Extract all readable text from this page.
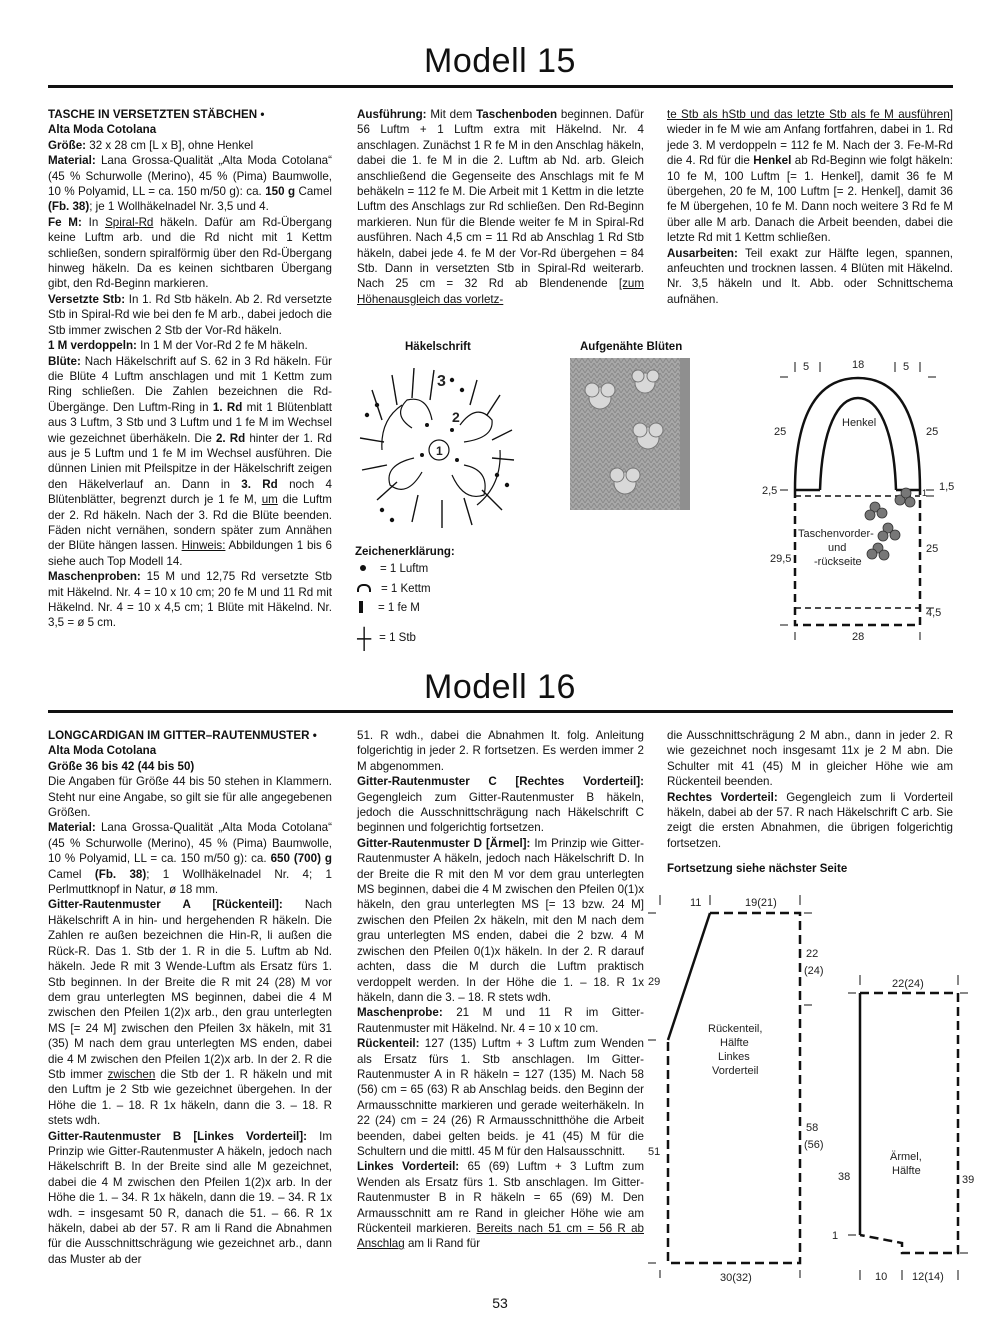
Modell 15

TASCHE IN VERSETZTEN STÄBCHEN •

Alta Moda Cotolana

Größe: 32 x 28 cm [L x B], ohne Henkel

Material: Lana Grossa-Qualität „Alta Moda Cotolana“ (45 % Schurwolle (Merino), 45 % (Pima) Baumwolle, 10 % Polyamid, LL = ca. 150 m/50 g): ca. 150 g Camel (Fb. 38); je 1 Wollhäkelnadel Nr. 3,5 und 4.

Fe M: In Spiral-Rd häkeln. Dafür am Rd-Übergang keine Luftm arb. und die Rd nicht mit 1 Kettm schließen, sondern spiralförmig über den Rd-Übergang hinweg häkeln. Da es keinen sichtbaren Übergang gibt, den Rd-Beginn markieren.

Versetzte Stb: In 1. Rd Stb häkeln. Ab 2. Rd versetzte Stb in Spiral-Rd wie bei den fe M arb., dabei jedoch die Stb immer zwischen 2 Stb der Vor-Rd häkeln.

1 M verdoppeln: In 1 M der Vor-Rd 2 fe M häkeln.

Blüte: Nach Häkelschrift auf S. 62 in 3 Rd häkeln. Für die Blüte 4 Luftm anschlagen und mit 1 Kettm zum Ring schließen. Die Zahlen bezeichnen die Rd-Übergänge. Den Luftm-Ring in 1. Rd mit 1 Blütenblatt aus 3 Luftm, 3 Stb und 3 Luftm und 1 fe M im Wechsel wie gezeichnet überhäkeln. Die 2. Rd hinter der 1. Rd aus je 5 Luftm und 1 fe M im Wechsel ausführen. Die dünnen Linien mit Pfeilspitze in der Häkelschrift zeigen den Häkelverlauf an. Dann in 3. Rd noch 4 Blütenblätter, begrenzt durch je 1 fe M, um die Luftm der 2. Rd häkeln. Nach der 3. Rd die Blüte beenden. Fäden nicht vernähen, sondern später zum Annähen der Blüte hängen lassen. Hinweis: Abbildungen 1 bis 6 siehe auch Top Modell 14.

Maschenproben: 15 M und 12,75 Rd versetzte Stb mit Häkelnd. Nr. 4 = 10 x 10 cm; 20 fe M und 11 Rd mit Häkelnd. Nr. 4 = 10 x 4,5 cm; 1 Blüte mit Häkelnd. Nr. 3,5 = ø 5 cm.

Ausführung: Mit dem Taschenboden beginnen. Dafür 56 Luftm + 1 Luftm extra mit Häkelnd. Nr. 4 anschlagen. Zunächst 1 R fe M in den Anschlag häkeln, dabei die 1. fe M in die 2. Luftm ab Nd. arb. Gleich anschließend die Gegenseite des Anschlags mit fe M behäkeln = 112 fe M. Die Arbeit mit 1 Kettm in die letzte Luftm des Anschlags zur Rd schließen. Den Rd-Beginn markieren. Nun für die Blende weiter fe M in Spiral-Rd ausführen. Nach 4,5 cm = 11 Rd ab Anschlag 1 Rd Stb häkeln, dabei jede 4. fe M der Vor-Rd übergehen = 84 Stb. Dann in versetzten Stb in Spiral-Rd weiterarb. Nach 25 cm = 32 Rd ab Blendenende [zum Höhenausgleich das vorletz-

te Stb als hStb und das letzte Stb als fe M ausführen] wieder in fe M wie am Anfang fortfahren, dabei in 1. Rd jede 3. M verdoppeln = 112 fe M. Nach der 3. Fe-M-Rd die 4. Rd für die Henkel ab Rd-Beginn wie folgt häkeln: 10 fe M, 100 Luftm [= 1. Henkel], damit 36 fe M übergehen, 20 fe M, 100 Luftm [= 2. Henkel], damit 36 fe M übergehen, 10 fe M. Dann noch weitere 3 Rd fe M über alle M arb. Danach die Arbeit beenden, dabei die letzte Rd mit 1 Kettm schließen.

Ausarbeiten: Teil exakt zur Hälfte legen, spannen, anfeuchten und trocknen lassen. 4 Blüten mit Häkelnd. Nr. 3,5 häkeln und lt. Abb. oder Schnittschema aufnähen.

Häkelschrift	Aufgenähte Blüten
3
2
1
Zeichenerklärung:
= 1 Luftm
= 1 Kettm
= 1 fe M
┼ = 1 Stb
5	18	5
Henkel
25	25
2,5	1,5
1
29,5
25
4,5
28
Taschenvorder-
und
-rückseite
Modell 16

LONGCARDIGAN IM GITTER–RAUTENMUSTER •

Alta Moda Cotolana

Größe 36 bis 42 (44 bis 50)

Die Angaben für Größe 44 bis 50 stehen in Klammern. Steht nur eine Angabe, so gilt sie für alle angegebenen Größen.

Material: Lana Grossa-Qualität „Alta Moda Cotolana“ (45 % Schurwolle (Merino), 45 % (Pima) Baumwolle, 10 % Polyamid, LL = ca. 150 m/50 g): ca. 650 (700) g Camel (Fb. 38); 1 Wollhäkelnadel Nr. 4; 1 Perlmuttknopf in Natur, ø 18 mm.

Gitter-Rautenmuster A [Rückenteil]: Nach Häkelschrift A in hin- und hergehenden R häkeln. Die Zahlen re außen bezeichnen die Hin-R, li außen die Rück-R. Das 1. Stb der 1. R in die 5. Luftm ab Nd. häkeln. Jede R mit 3 Wende-Luftm als Ersatz fürs 1. Stb beginnen. In der Breite die R mit 24 (28) M vor dem grau unterlegten MS beginnen, dabei die 4 M zwischen den Pfeilen 1(2)x arb., den grau unterlegten MS [= 24 M] zwischen den Pfeilen 3x häkeln, mit 31 (35) M nach dem grau unterlegten MS enden, dabei die 4 M zwischen den Pfeilen 1(2)x arb. In der 2. R die Stb immer zwischen die Stb der 1. R häkeln und mit den Luftm je 2 Stb wie gezeichnet übergehen. In der Höhe die 1. – 18. R 1x häkeln, dann die 3. – 18. R stets wdh.

Gitter-Rautenmuster B [Linkes Vorderteil]: Im Prinzip wie Gitter-Rautenmuster A häkeln, jedoch nach Häkelschrift B. In der Breite sind alle M gezeichnet, dabei die 4 M zwischen den Pfeilen 1(2)x arb. In der Höhe die 1. – 34. R 1x häkeln, dann die 19. – 34. R 1x wdh. = insgesamt 50 R, danach die 51. – 66. R 1x häkeln, dabei ab der 57. R am li Rand die Abnahmen für die Ausschnittschrägung wie gezeichnet arb., dann das Muster ab der

51. R wdh., dabei die Abnahmen lt. folg. Anleitung folgerichtig in jeder 2. R fortsetzen. Es werden immer 2 M abgenommen.

Gitter-Rautenmuster C [Rechtes Vorderteil]: Gegengleich zum Gitter-Rautenmuster B häkeln, jedoch die Ausschnittschrägung nach Häkelschrift C beginnen und folgerichtig fortsetzen.

Gitter-Rautenmuster D [Ärmel]: Im Prinzip wie Gitter-Rautenmuster A häkeln, jedoch nach Häkelschrift D. In der Breite die R mit den M vor dem grau unterlegten MS beginnen, dabei die 4 M zwischen den Pfeilen 0(1)x häkeln, den grau unterlegten MS [= 13 bzw. 24 M] zwischen den Pfeilen 2x häkeln, mit den M nach dem grau unterlegten MS enden, dabei die 2 bzw. 4 M zwischen den Pfeilen 0(1)x häkeln. In der 2. R darauf achten, dass die M durch die Luftm praktisch verdoppelt werden. In der Höhe die 1. – 18. R 1x häkeln, dann die 3. – 18. R stets wdh.

Maschenprobe: 21 M und 11 R im Gitter-Rautenmuster mit Häkelnd. Nr. 4 = 10 x 10 cm.

Rückenteil: 127 (135) Luftm + 3 Luftm zum Wenden als Ersatz fürs 1. Stb anschlagen. Im Gitter-Rautenmuster A in R häkeln = 127 (135) M. Nach 58 (56) cm = 65 (63) R ab Anschlag beids. den Beginn der Armausschnitte markieren und gerade weiterhäkeln. In 22 (24) cm = 24 (26) R Armausschnitthöhe die Arbeit beenden, dabei gelten beids. je 41 (45) M für die Schultern und die mittl. 45 M für den Halsausschnitt.

Linkes Vorderteil: 65 (69) Luftm + 3 Luftm zum Wenden als Ersatz fürs 1. Stb anschlagen. Im Gitter-Rautenmuster B in R häkeln = 65 (69) M. Den Armausschnitt am re Rand in gleicher Höhe wie am Rückenteil markieren. Bereits nach 51 cm = 56 R ab Anschlag am li Rand für

die Ausschnittschrägung 2 M abn., dann in jeder 2. R wie gezeichnet noch insgesamt 11x je 2 M abn. Die Schulter mit 41 (45) M in gleicher Höhe wie am Rückenteil beenden.

Rechtes Vorderteil: Gegengleich zum li Vorderteil häkeln, dabei ab der 57. R nach Häkelschrift C arb. Sie zeigt die ersten Abnahmen, die übrigen folgerichtig fortsetzen.

Fortsetzung siehe nächster Seite
11	19(21)
22
(24)
29
Rückenteil,
Hälfte
Linkes
Vorderteil
58
(56)
51
30(32)
22(24)
Ärmel,
Hälfte
38	39
1
10 12(14)
53
